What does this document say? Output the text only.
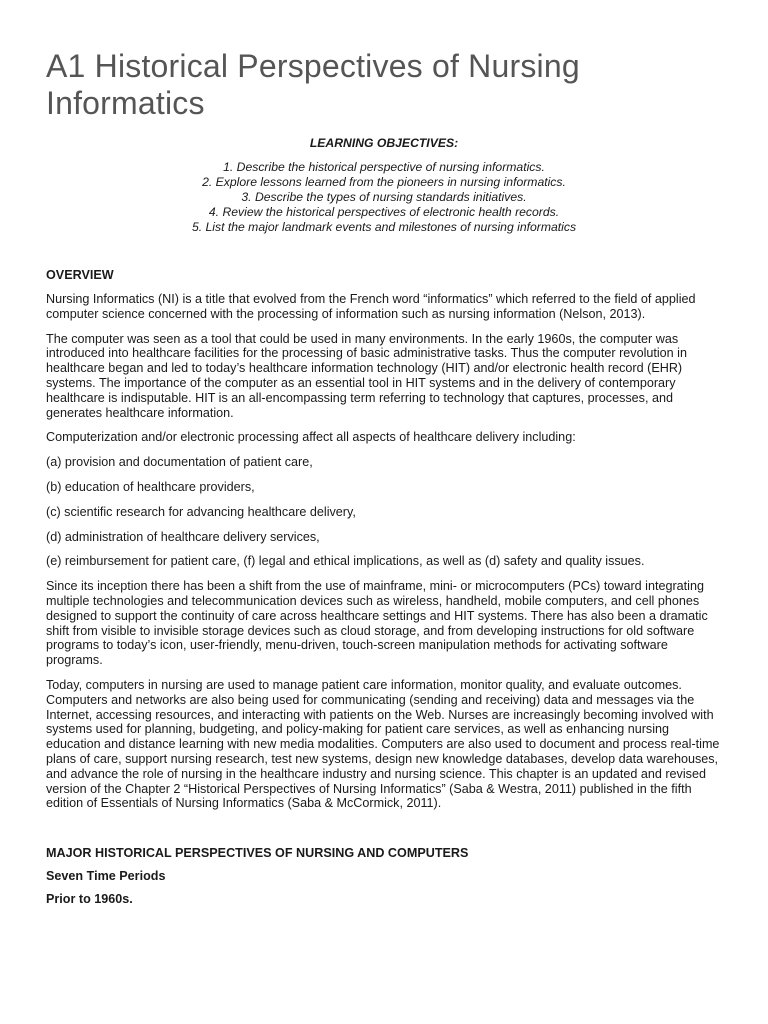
A1 Historical Perspectives of Nursing Informatics
LEARNING OBJECTIVES:
1. Describe the historical perspective of nursing informatics.
2. Explore lessons learned from the pioneers in nursing informatics.
3. Describe the types of nursing standards initiatives.
4. Review the historical perspectives of electronic health records.
5. List the major landmark events and milestones of nursing informatics
OVERVIEW

Nursing Informatics (NI) is a title that evolved from the French word “informatics” which referred to the field of applied computer science concerned with the processing of information such as nursing information (Nelson, 2013).

The computer was seen as a tool that could be used in many environments. In the early 1960s, the computer was introduced into healthcare facilities for the processing of basic administrative tasks. Thus the computer revolution in healthcare began and led to today’s healthcare information technology (HIT) and/or electronic health record (EHR) systems. The importance of the computer as an essential tool in HIT systems and in the delivery of contemporary healthcare is indisputable. HIT is an all-encompassing term referring to technology that captures, processes, and generates healthcare information.

Computerization and/or electronic processing affect all aspects of healthcare delivery including:

(a) provision and documentation of patient care,

(b) education of healthcare providers,

(c) scientific research for advancing healthcare delivery,

(d) administration of healthcare delivery services,

(e) reimbursement for patient care, (f) legal and ethical implications, as well as (d) safety and quality issues.

Since its inception there has been a shift from the use of mainframe, mini- or microcomputers (PCs) toward integrating multiple technologies and telecommunication devices such as wireless, handheld, mobile computers, and cell phones designed to support the continuity of care across healthcare settings and HIT systems. There has also been a dramatic shift from visible to invisible storage devices such as cloud storage, and from developing instructions for old software programs to today’s icon, user-friendly, menu-driven, touch-screen manipulation methods for activating software programs.

Today, computers in nursing are used to manage patient care information, monitor quality, and evaluate outcomes. Computers and networks are also being used for communicating (sending and receiving) data and messages via the Internet, accessing resources, and interacting with patients on the Web. Nurses are increasingly becoming involved with systems used for planning, budgeting, and policy-making for patient care services, as well as enhancing nursing education and distance learning with new media modalities. Computers are also used to document and process real-time plans of care, support nursing research, test new systems, design new knowledge databases, develop data warehouses, and advance the role of nursing in the healthcare industry and nursing science. This chapter is an updated and revised version of the Chapter 2 “Historical Perspectives of Nursing Informatics” (Saba & Westra, 2011) published in the fifth edition of Essentials of Nursing Informatics (Saba & McCormick, 2011).

MAJOR HISTORICAL PERSPECTIVES OF NURSING AND COMPUTERS
Seven Time Periods
Prior to 1960s.
